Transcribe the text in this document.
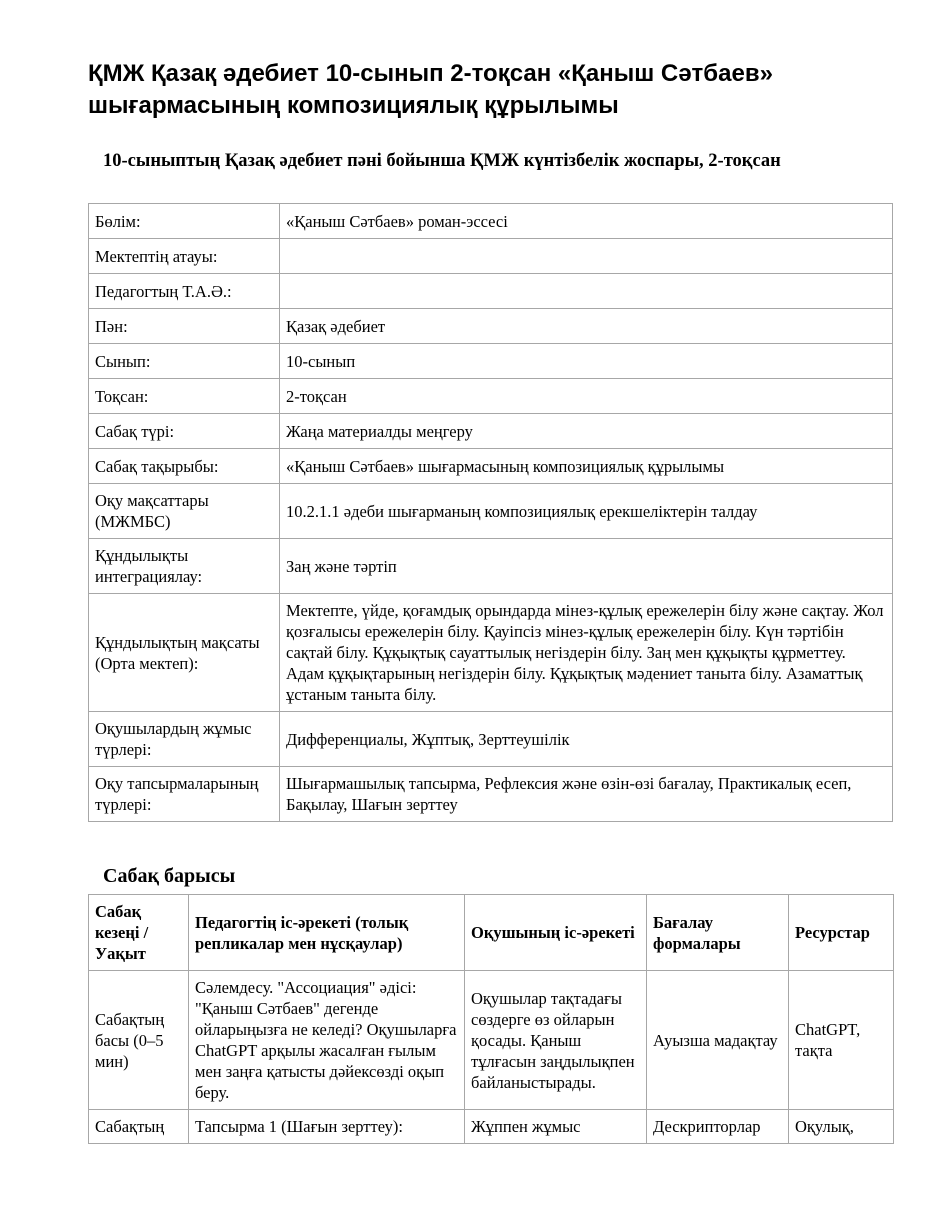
ҚМЖ Қазақ әдебиет 10-сынып 2-тоқсан «Қаныш Сәтбаев» шығармасының композициялық құрылымы
10-сыныптың Қазақ әдебиет пәні бойынша ҚМЖ күнтізбелік жоспары, 2-тоқсан
Бөлім:	«Қаныш Сәтбаев» роман-эссесі
Мектептің атауы:	
Педагогтың Т.А.Ә.:	
Пән:	Қазақ әдебиет
Сынып:	10-сынып
Тоқсан:	2-тоқсан
Сабақ түрі:	Жаңа материалды меңгеру
Сабақ тақырыбы:	«Қаныш Сәтбаев» шығармасының композициялық құрылымы
Оқу мақсаттары (МЖМБС)	10.2.1.1 әдеби шығарманың композициялық ерекшеліктерін талдау
Құндылықты интеграциялау:	Заң және тәртіп
Құндылықтың мақсаты (Орта мектеп):	Мектепте, үйде, қоғамдық орындарда мінез-құлық ережелерін білу және сақтау. Жол қозғалысы ережелерін білу. Қауіпсіз мінез-құлық ережелерін білу. Күн тәртібін сақтай білу. Құқықтық сауаттылық негіздерін білу. Заң мен құқықты құрметтеу. Адам құқықтарының негіздерін білу. Құқықтық мәдениет таныта білу. Азаматтық ұстаным таныта білу.
Оқушылардың жұмыс түрлері:	Дифференциалы, Жұптық, Зерттеушілік
Оқу тапсырмаларының түрлері:	Шығармашылық тапсырма, Рефлексия және өзін-өзі бағалау, Практикалық есеп, Бақылау, Шағын зерттеу
Сабақ барысы
Сабақ кезеңі / Уақыт	Педагогтің іс-әрекеті (толық репликалар мен нұсқаулар)	Оқушының іс-әрекеті	Бағалау формалары	Ресурстар
Сабақтың басы (0–5 мин)	Сәлемдесу. "Ассоциация" әдісі: "Қаныш Сәтбаев" дегенде ойларыңызға не келеді? Оқушыларға ChatGPT арқылы жасалған ғылым мен заңға қатысты дәйексөзді оқып беру.	Оқушылар тақтадағы сөздерге өз ойларын қосады. Қаныш тұлғасын заңдылықпен байланыстырады.	Ауызша мадақтау	ChatGPT, тақта
Сабақтың	Тапсырма 1 (Шағын зерттеу):	Жұппен жұмыс	Дескрипторлар	Оқулық,
